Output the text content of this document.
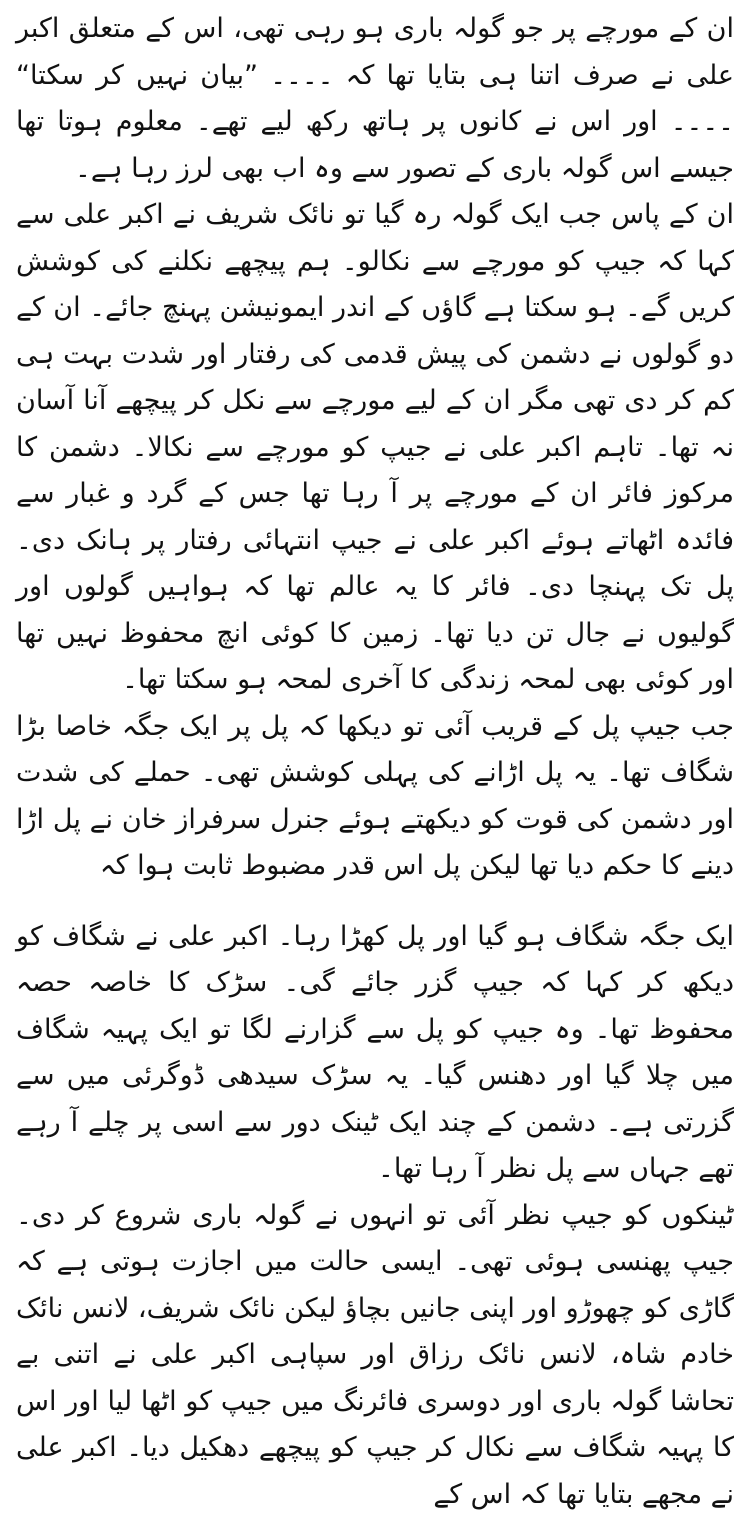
ان کے مورچے پر جو گولہ باری ہو رہی تھی، اس کے متعلق اکبر علی نے صرف اتنا ہی بتایا تھا کہ ۔۔۔۔ ”بیان نہیں کر سکتا“ ۔۔۔۔ اور اس نے کانوں پر ہاتھ رکھ لیے تھے۔ معلوم ہوتا تھا جیسے اس گولہ باری کے تصور سے وہ اب بھی لرز رہا ہے۔

ان کے پاس جب ایک گولہ رہ گیا تو نائک شریف نے اکبر علی سے کہا کہ جیپ کو مورچے سے نکالو۔ ہم پیچھے نکلنے کی کوشش کریں گے۔ ہو سکتا ہے گاؤں کے اندر ایمونیشن پہنچ جائے۔ ان کے دو گولوں نے دشمن کی پیش قدمی کی رفتار اور شدت بہت ہی کم کر دی تھی مگر ان کے لیے مورچے سے نکل کر پیچھے آنا آسان نہ تھا۔ تاہم اکبر علی نے جیپ کو مورچے سے نکالا۔ دشمن کا مرکوز فائر ان کے مورچے پر آ رہا تھا جس کے گرد و غبار سے فائدہ اٹھاتے ہوئے اکبر علی نے جیپ انتہائی رفتار پر ہانک دی۔ پل تک پہنچا دی۔ فائر کا یہ عالم تھا کہ ہواہیں گولوں اور گولیوں نے جال تن دیا تھا۔ زمین کا کوئی انچ محفوظ نہیں تھا اور کوئی بھی لمحہ زندگی کا آخری لمحہ ہو سکتا تھا۔

جب جیپ پل کے قریب آئی تو دیکھا کہ پل پر ایک جگہ خاصا بڑا شگاف تھا۔ یہ پل اڑانے کی پہلی کوشش تھی۔ حملے کی شدت اور دشمن کی قوت کو دیکھتے ہوئے جنرل سرفراز خان نے پل اڑا دینے کا حکم دیا تھا لیکن پل اس قدر مضبوط ثابت ہوا کہ

ایک جگہ شگاف ہو گیا اور پل کھڑا رہا۔ اکبر علی نے شگاف کو دیکھ کر کہا کہ جیپ گزر جائے گی۔ سڑک کا خاصہ حصہ محفوظ تھا۔ وہ جیپ کو پل سے گزارنے لگا تو ایک پہیہ شگاف میں چلا گیا اور دھنس گیا۔ یہ سڑک سیدھی ڈوگرئی میں سے گزرتی ہے۔ دشمن کے چند ایک ٹینک دور سے اسی پر چلے آ رہے تھے جہاں سے پل نظر آ رہا تھا۔

ٹینکوں کو جیپ نظر آئی تو انہوں نے گولہ باری شروع کر دی۔ جیپ پھنسی ہوئی تھی۔ ایسی حالت میں اجازت ہوتی ہے کہ گاڑی کو چھوڑو اور اپنی جانیں بچاؤ لیکن نائک شریف، لانس نائک خادم شاہ، لانس نائک رزاق اور سپاہی اکبر علی نے اتنی بے تحاشا گولہ باری اور دوسری فائرنگ میں جیپ کو اٹھا لیا اور اس کا پہیہ شگاف سے نکال کر جیپ کو پیچھے دھکیل دیا۔ اکبر علی نے مجھے بتایا تھا کہ اس کے
